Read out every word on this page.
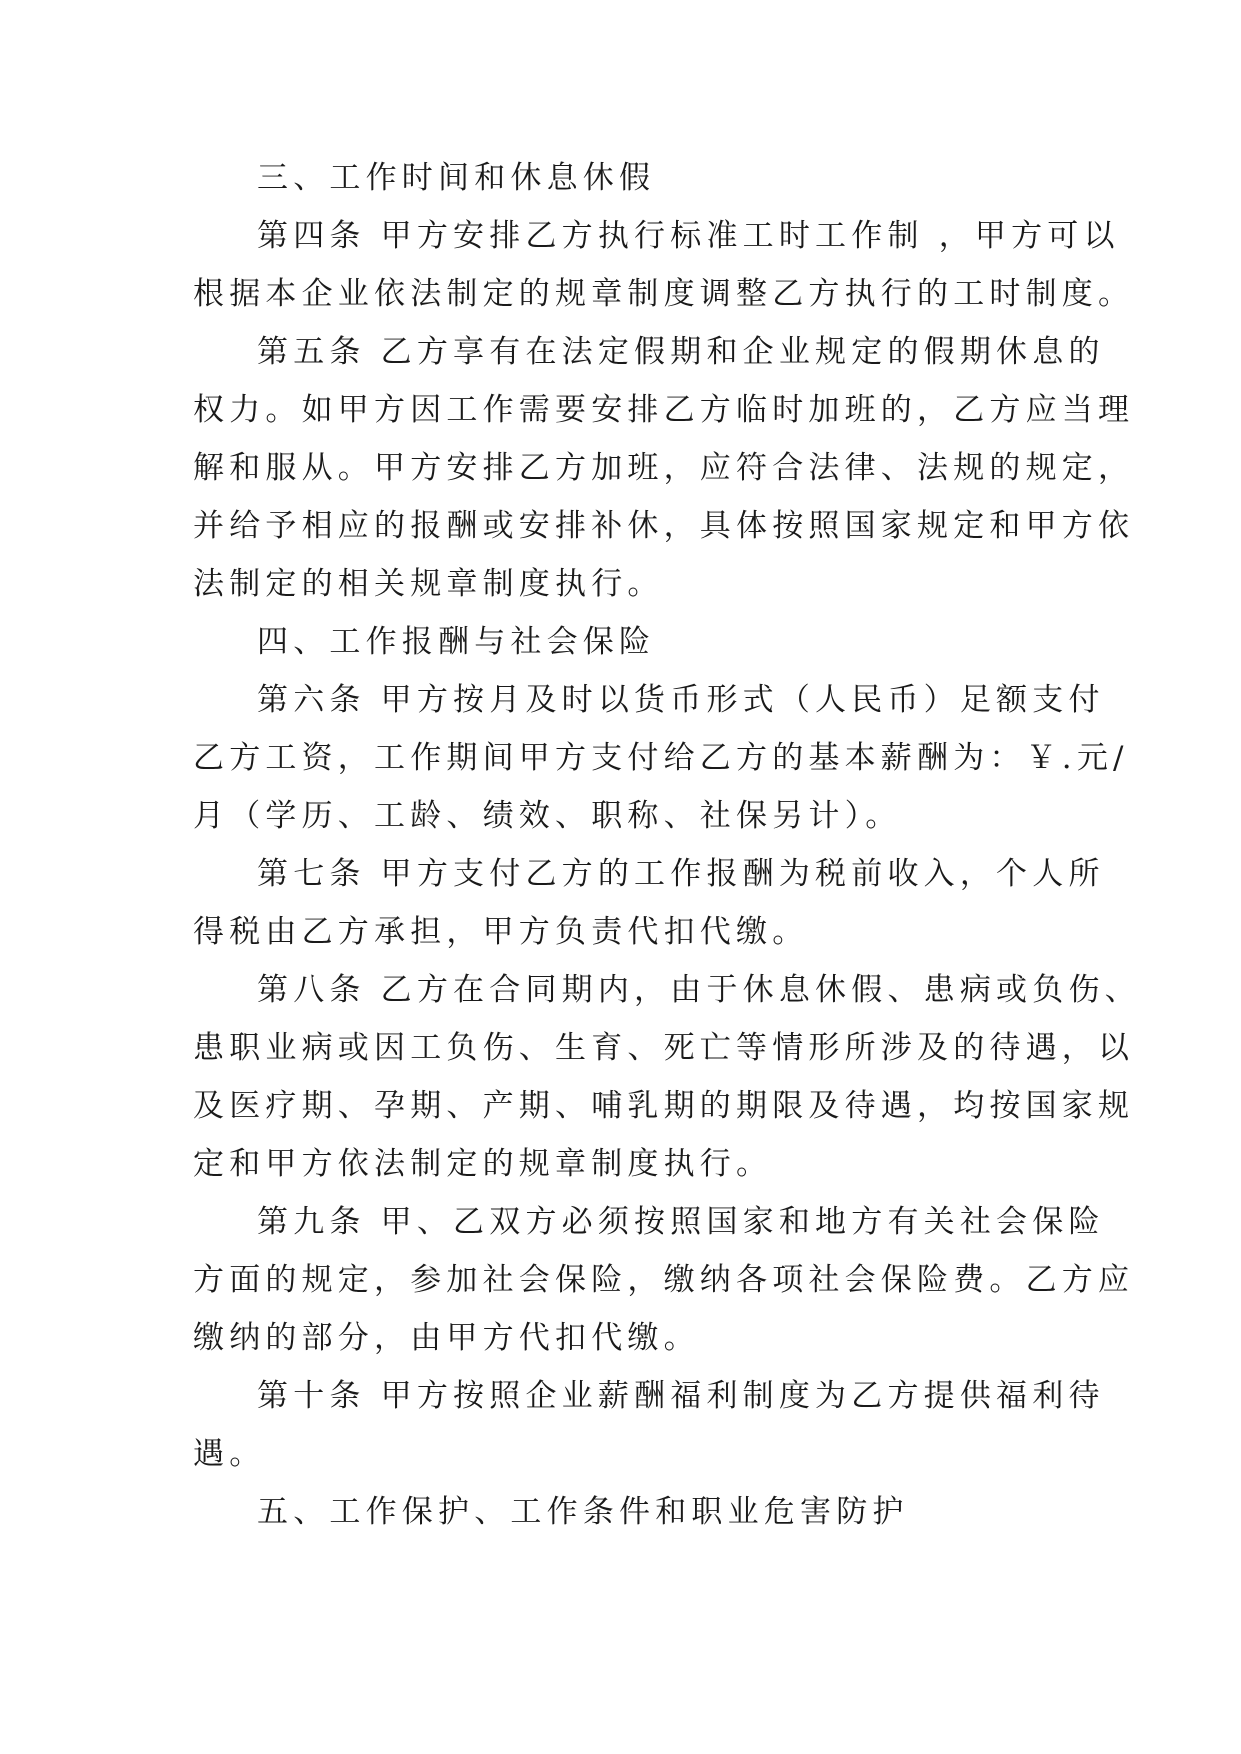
三、工作时间和休息休假

第四条 甲方安排乙方执行标准工时工作制 ，甲方可以

根据本企业依法制定的规章制度调整乙方执行的工时制度。

第五条 乙方享有在法定假期和企业规定的假期休息的

权力。如甲方因工作需要安排乙方临时加班的，乙方应当理

解和服从。甲方安排乙方加班，应符合法律、法规的规定，

并给予相应的报酬或安排补休，具体按照国家规定和甲方依

法制定的相关规章制度执行。

四、工作报酬与社会保险

第六条 甲方按月及时以货币形式（人民币）足额支付

乙方工资，工作期间甲方支付给乙方的基本薪酬为：￥.元/

月（学历、工龄、绩效、职称、社保另计）。

第七条 甲方支付乙方的工作报酬为税前收入，个人所

得税由乙方承担，甲方负责代扣代缴。

第八条 乙方在合同期内，由于休息休假、患病或负伤、

患职业病或因工负伤、生育、死亡等情形所涉及的待遇，以

及医疗期、孕期、产期、哺乳期的期限及待遇，均按国家规

定和甲方依法制定的规章制度执行。

第九条 甲、乙双方必须按照国家和地方有关社会保险

方面的规定，参加社会保险，缴纳各项社会保险费。乙方应

缴纳的部分，由甲方代扣代缴。

第十条 甲方按照企业薪酬福利制度为乙方提供福利待

遇。

五、工作保护、工作条件和职业危害防护
